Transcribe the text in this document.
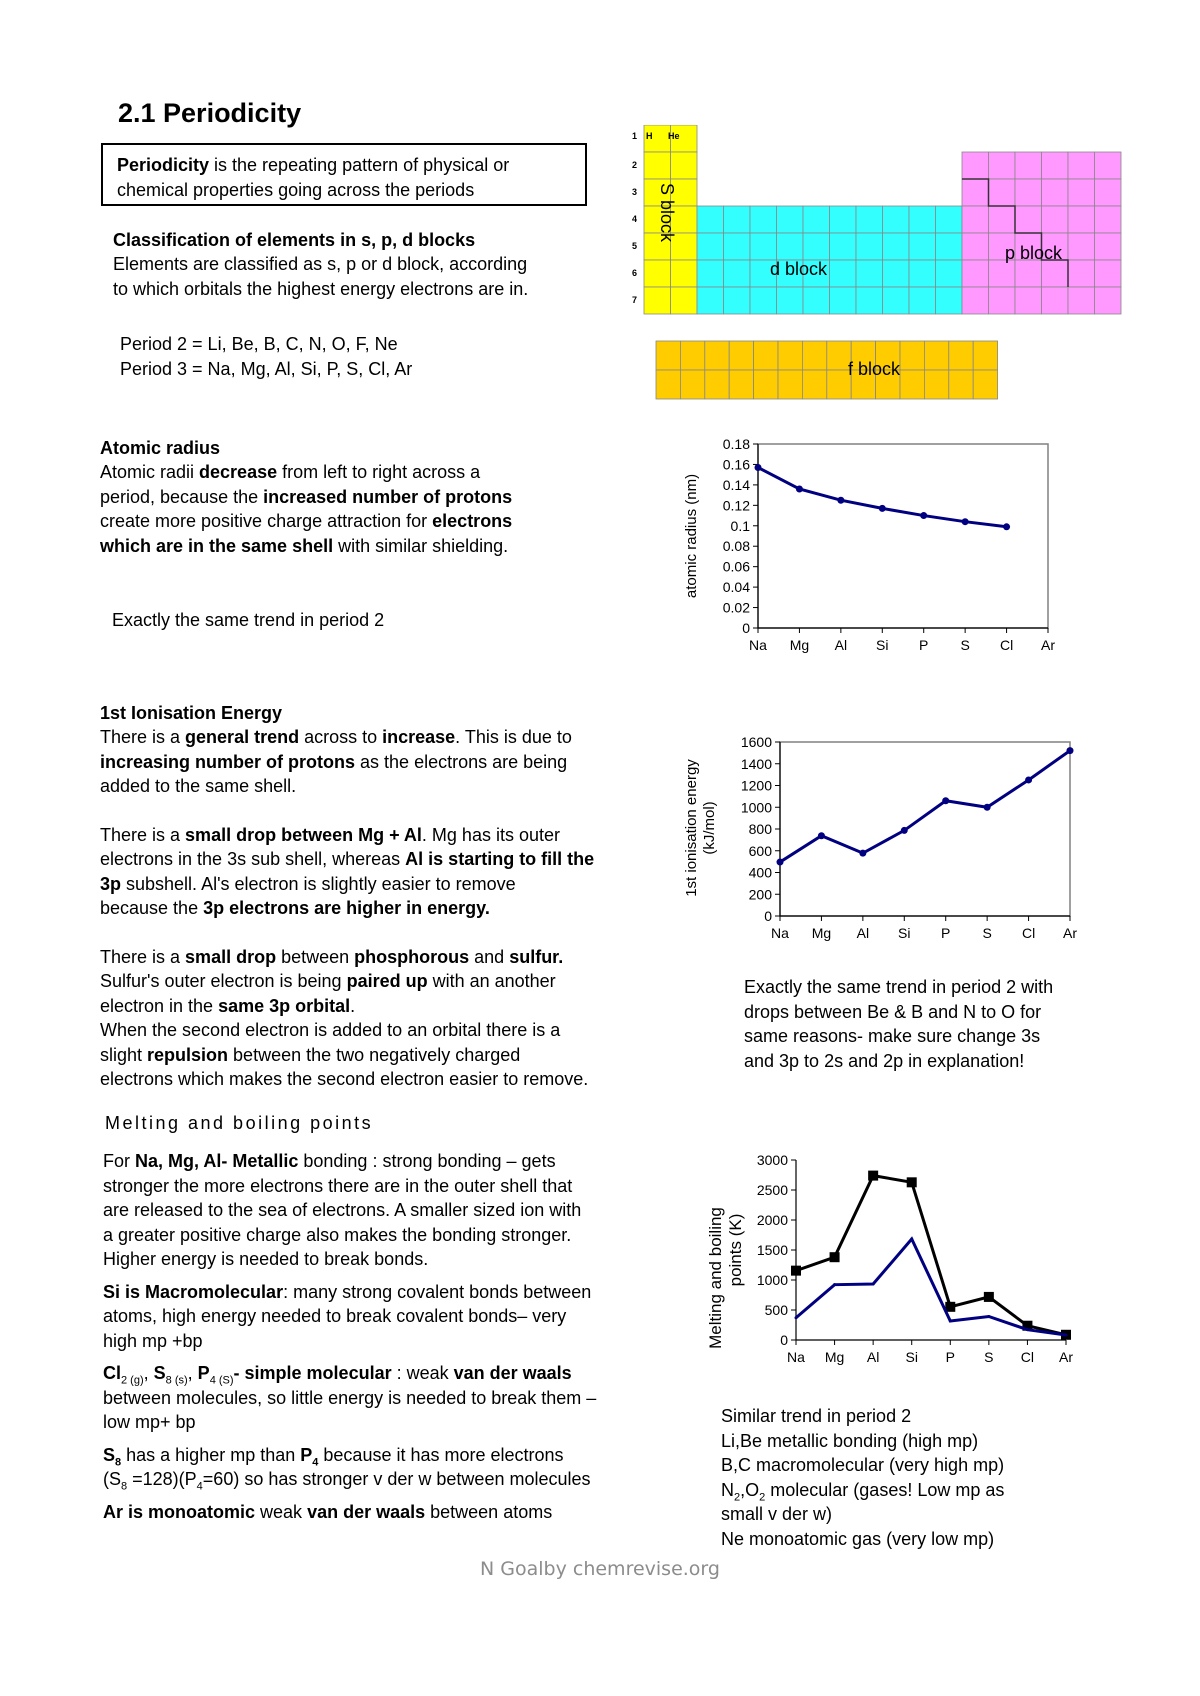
2.1 Periodicity
Periodicity is the repeating pattern of physical or
chemical properties going across the periods
Classification of elements in s, p, d blocks
Elements are classified as s, p or d block, according
to which orbitals the highest energy electrons are in.
Period 2 = Li, Be, B, C, N, O, F, Ne
Period 3 = Na, Mg, Al, Si, P, S, Cl, Ar
1
2
3
4
5
6
7
H He
S block
d block
p block
f block
Atomic radius
Atomic radii decrease from left to right across a
period, because the increased number of protons
create more positive charge attraction for electrons
which are in the same shell with similar shielding.
Exactly the same trend in period 2	0
0.02
0.04
0.06
0.08
0.1
0.12
0.14
0.16
0.18
Na Mg Al Si P S Cl Ar
atomic radius (nm)
1st Ionisation Energy
There is a general trend across to increase. This is due to
increasing number of protons as the electrons are being
added to the same shell.
There is a small drop between Mg + Al. Mg has its outer
electrons in the 3s sub shell, whereas Al is starting to fill the
3p subshell. Al's electron is slightly easier to remove
because the 3p electrons are higher in energy.
There is a small drop between phosphorous and sulfur.
Sulfur's outer electron is being paired up with an another
electron in the same 3p orbital.
When the second electron is added to an orbital there is a
slight repulsion between the two negatively charged
electrons which makes the second electron easier to remove.
0
200
400
600
800
1000
1200
1400
1600
Na Mg Al Si P S Cl Ar
1st ionisation energy (kJ/mol)
Exactly the same trend in period 2 with
drops between Be & B and N to O for
same reasons- make sure change 3s
and 3p to 2s and 2p in explanation!
Melting and boiling points

For Na, Mg, Al- Metallic bonding : strong bonding – gets
stronger the more electrons there are in the outer shell that
are released to the sea of electrons. A smaller sized ion with
a greater positive charge also makes the bonding stronger.
Higher energy is needed to break bonds.

Si is Macromolecular: many strong covalent bonds between
atoms, high energy needed to break covalent bonds– very
high mp +bp

$Cl_{2 (g)}$, $S_{8 (s)}$, $P_{4 (S)}-$ simple molecular : weak van der waals
between molecules, so little energy is needed to break them –
low mp+ bp

$S_8$ has a higher mp than $P_4$ because it has more electrons
$(S_8 =128)(P_4=60)$ so has stronger v der w between molecules

Ar is monoatomic weak van der waals between atoms

0
500
1000
1500
2000
2500
3000
Na Mg Al Si P S Cl Ar
Melting and boiling points (K)
Similar trend in period 2
Li,Be metallic bonding (high mp)
B,C macromolecular (very high mp)
$N_2,O_2$ molecular (gases! Low mp as
small v der w)
Ne monoatomic gas (very low mp)
N Goalby chemrevise.org
